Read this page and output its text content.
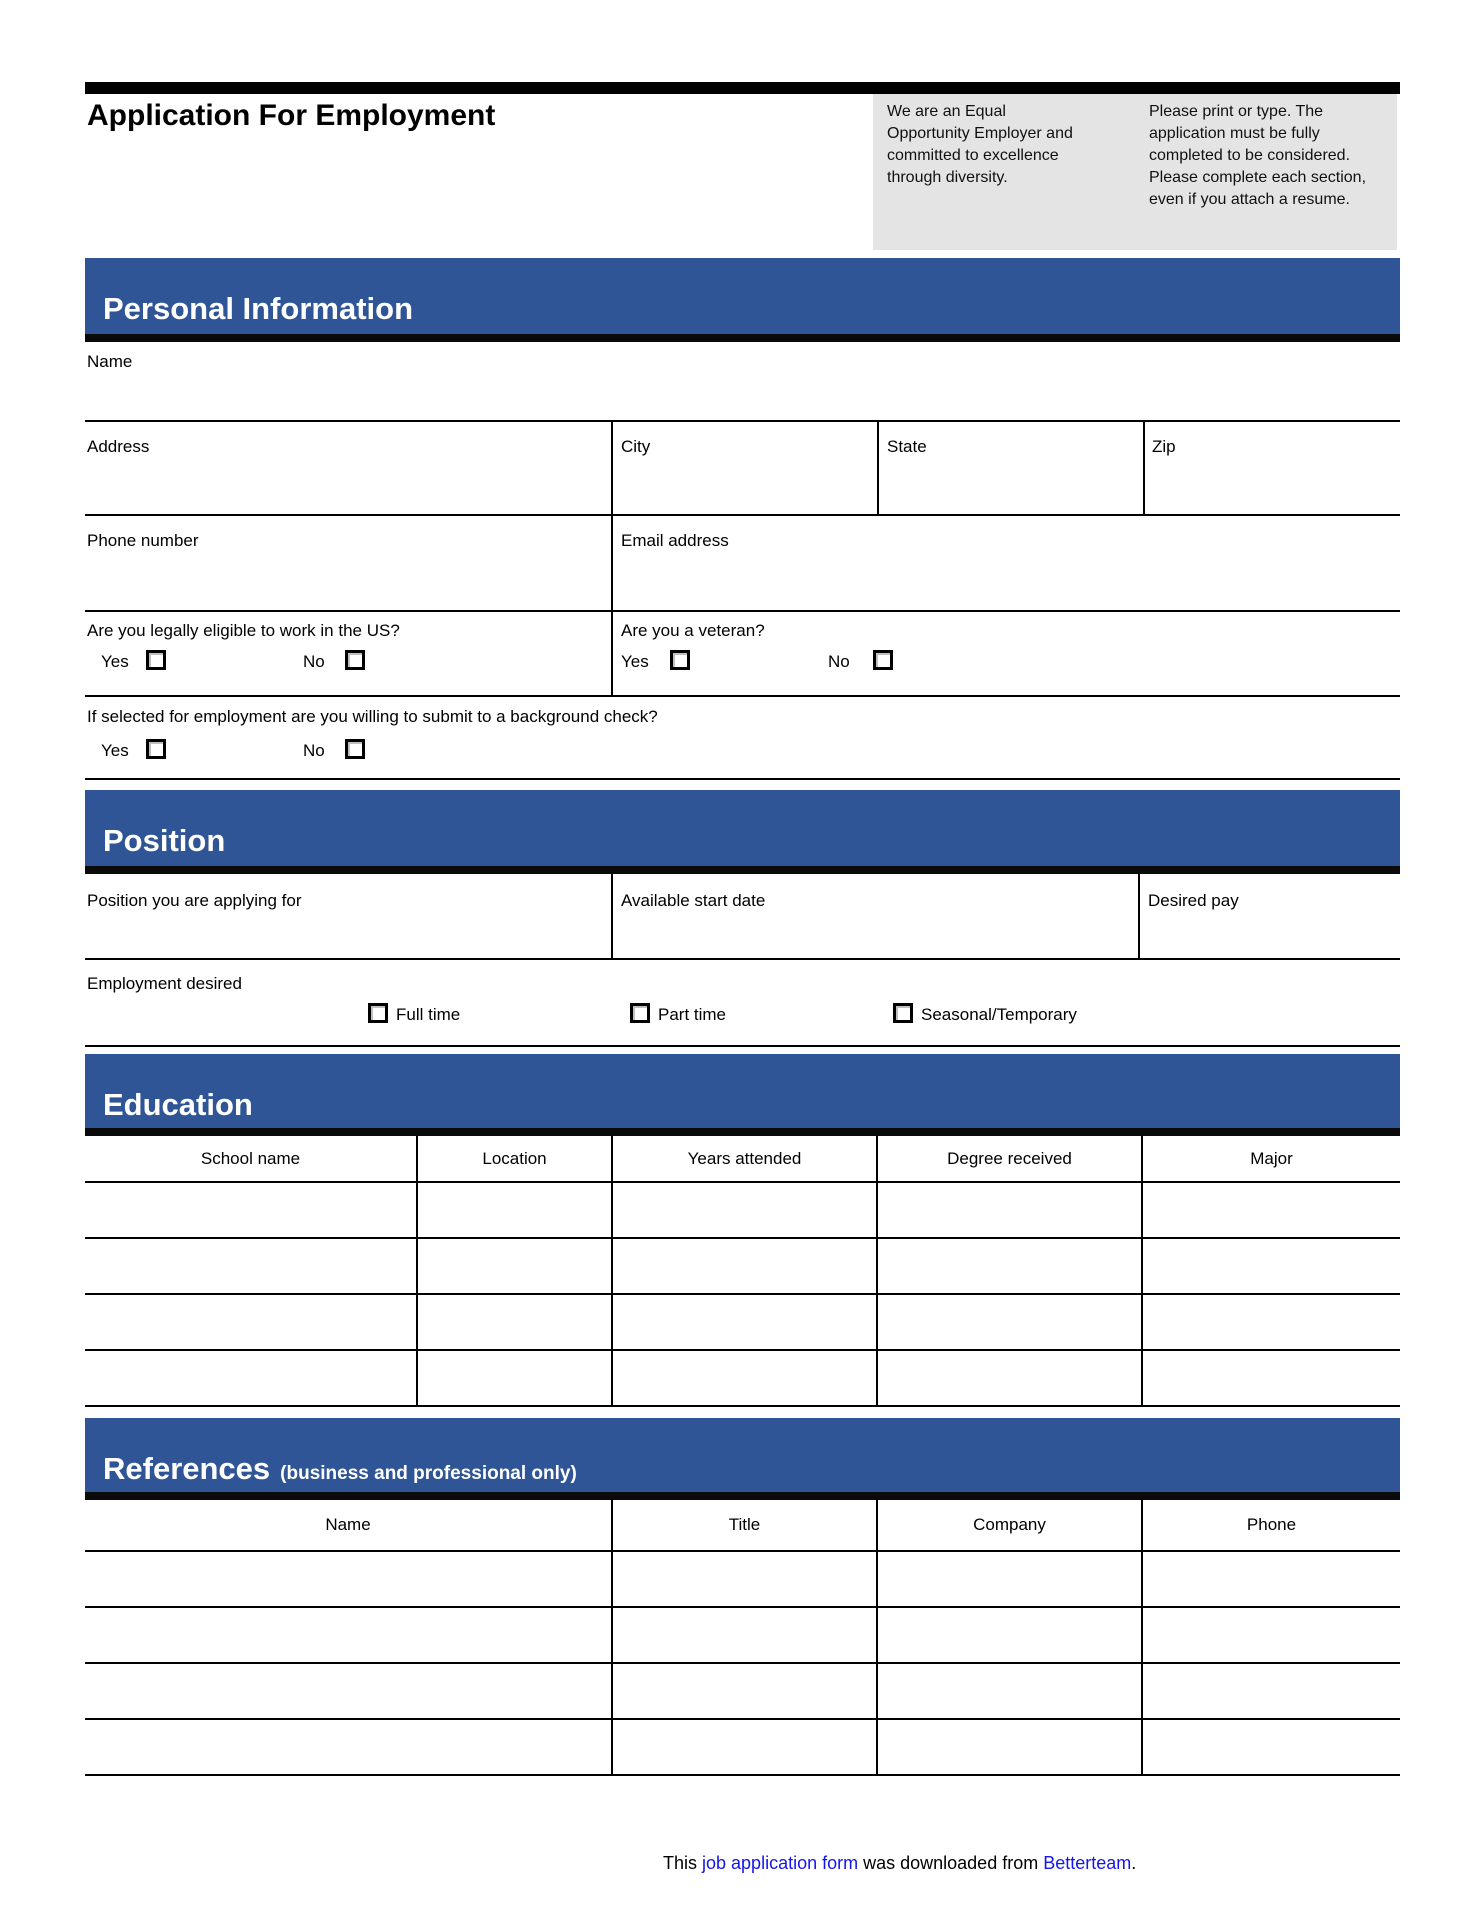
Application For Employment	We are an Equal Opportunity Employer and committed to excellence through diversity.

Please print or type. The application must be fully completed to be considered. Please complete each section, even if you attach a resume.

Personal Information
Name
Address	City	State	Zip
Phone number	Email address
Are you legally eligible to work in the US?	Are you a veteran?
Yes	No	Yes	No
If selected for employment are you willing to submit to a background check?
Yes	No
Position
Position you are applying for	Available start date	Desired pay
Employment desired
Full time	Part time	Seasonal/Temporary
Education
School name	Location	Years attended	Degree received	Major
References (business and professional only)
Name	Title	Company	Phone
This job application form was downloaded from Betterteam.
